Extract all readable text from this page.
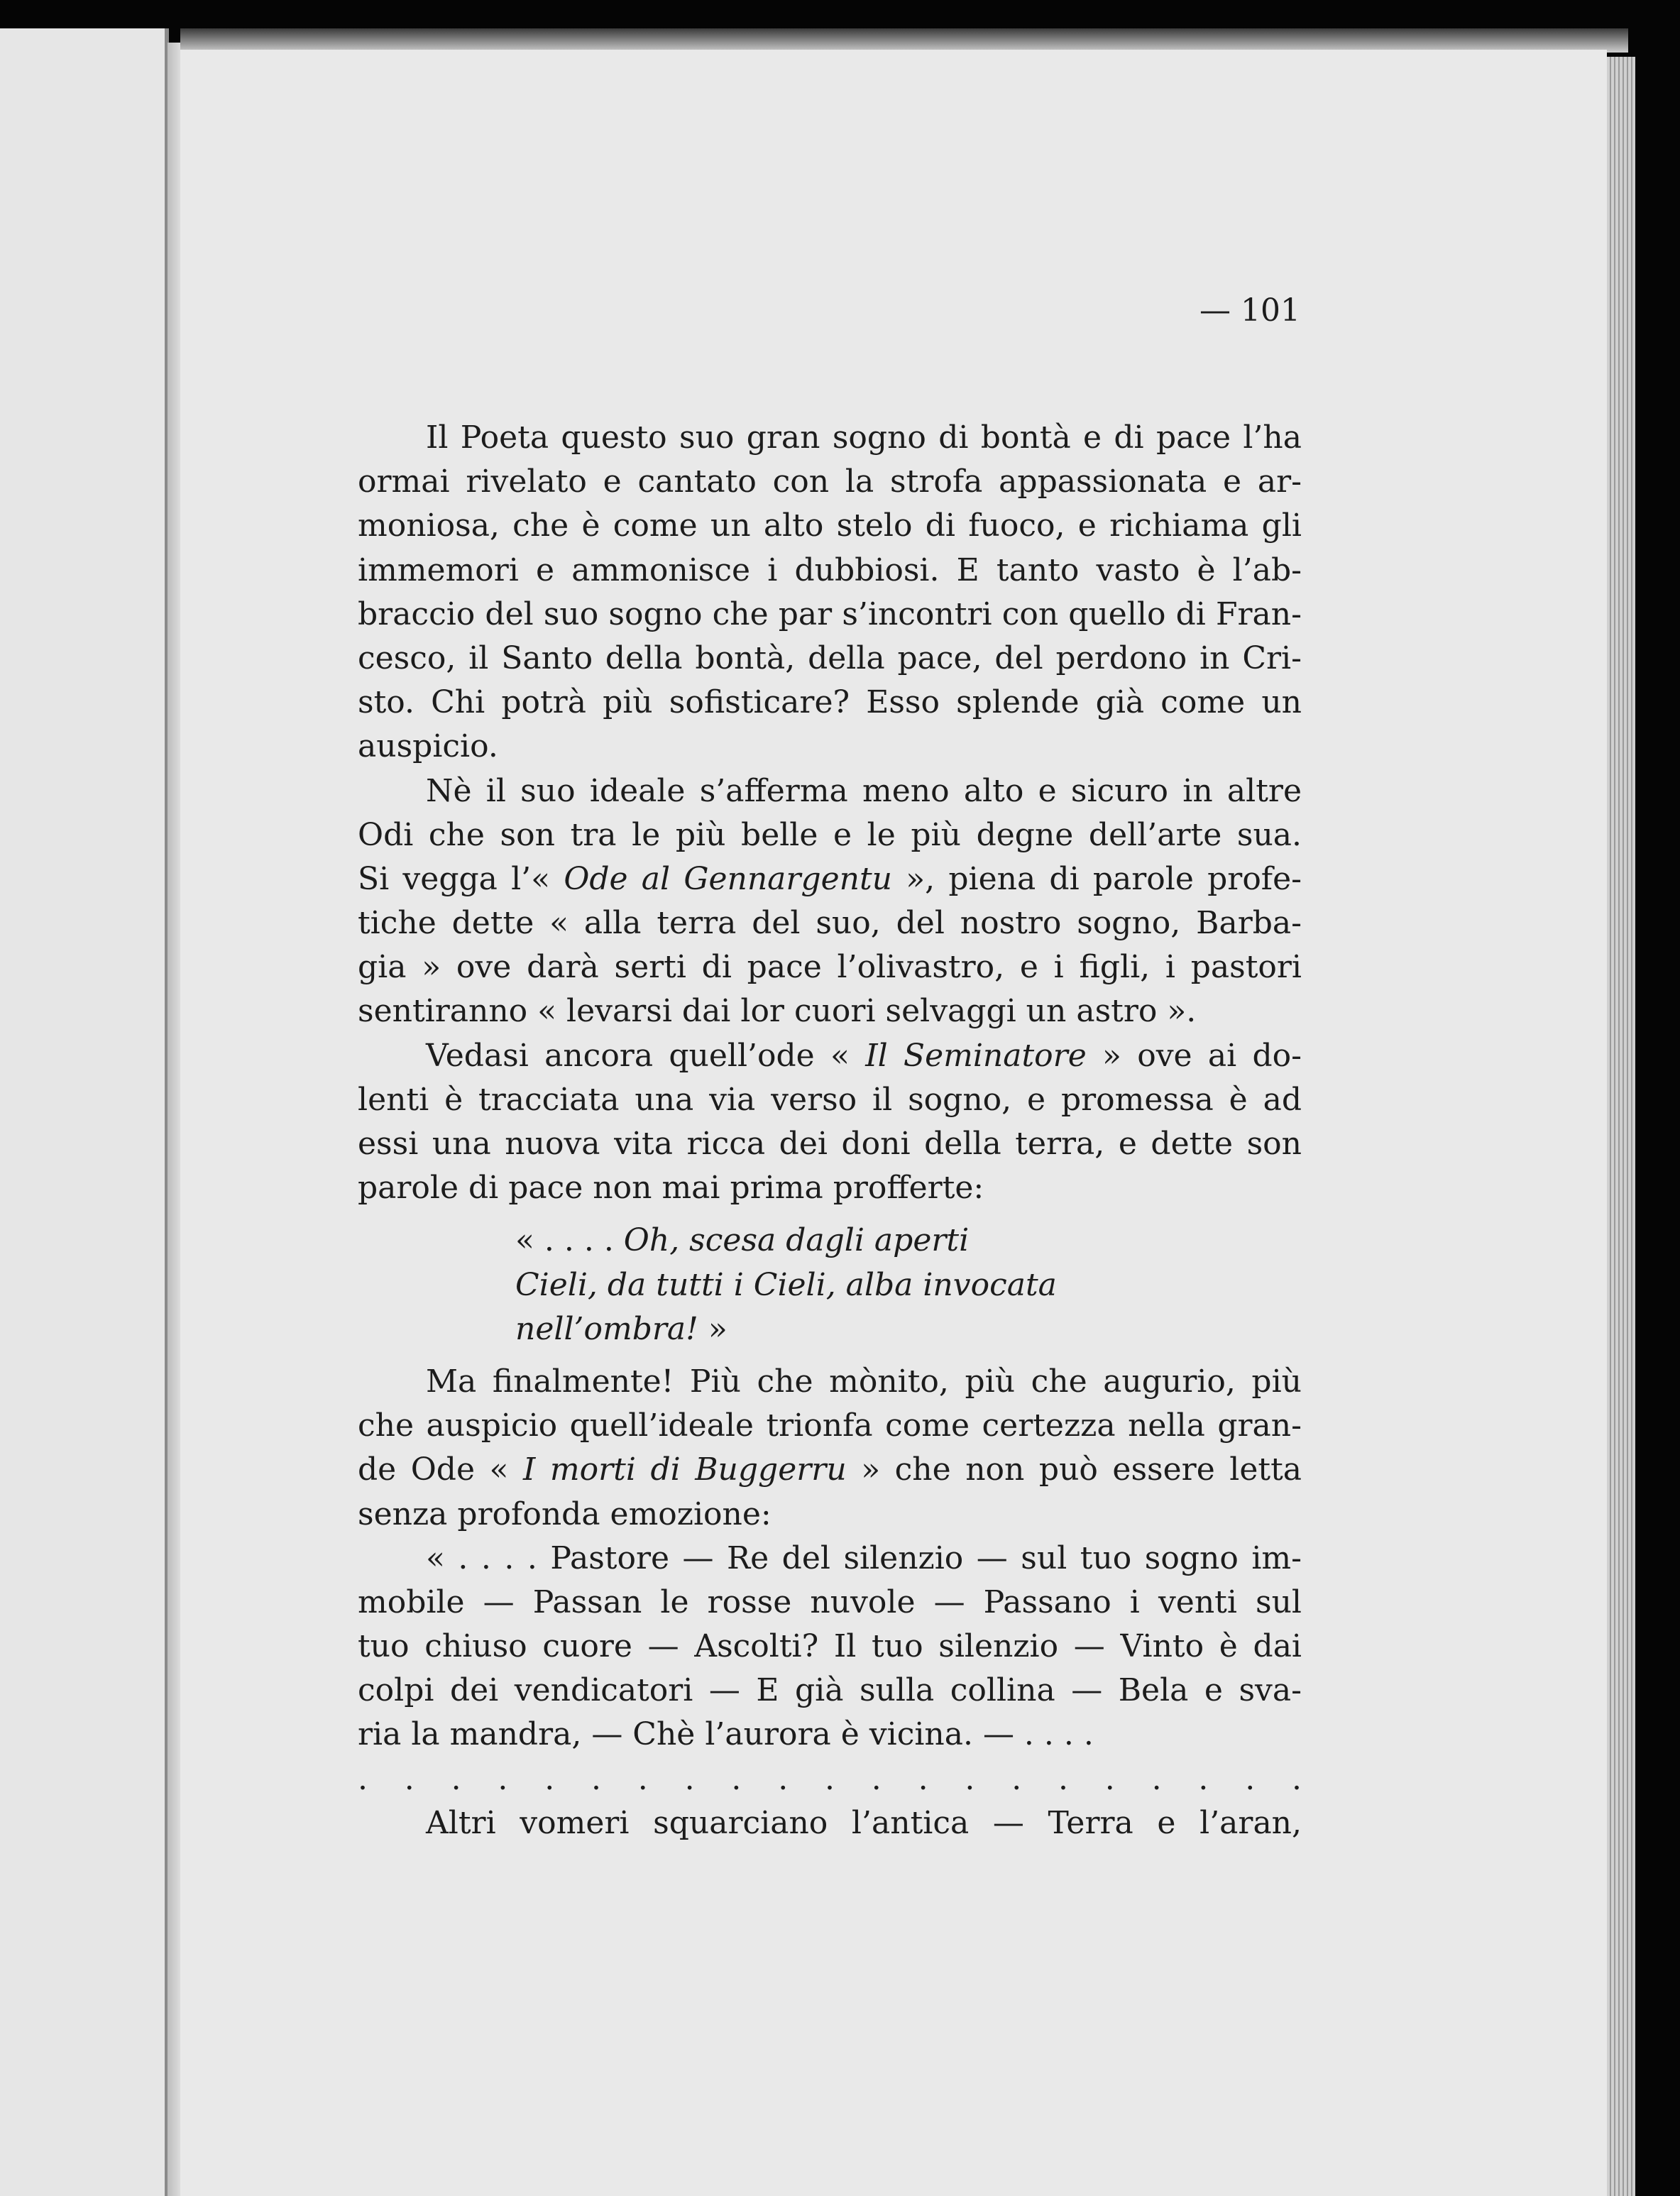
— 101
Il Poeta questo suo gran sogno di bontà e di pace l’ha
ormai rivelato e cantato con la strofa appassionata e ar-
moniosa, che è come un alto stelo di fuoco, e richiama gli
immemori e ammonisce i dubbiosi. E tanto vasto è l’ab-
braccio del suo sogno che par s’incontri con quello di Fran-
cesco, il Santo della bontà, della pace, del perdono in Cri-
sto. Chi potrà più sofisticare? Esso splende già come un
auspicio.
Nè il suo ideale s’afferma meno alto e sicuro in altre
Odi che son tra le più belle e le più degne dell’arte sua.
Si vegga l’« Ode al Gennargentu », piena di parole profe-
tiche dette « alla terra del suo, del nostro sogno, Barba-
gia » ove darà serti di pace l’olivastro, e i figli, i pastori
sentiranno « levarsi dai lor cuori selvaggi un astro ».
Vedasi ancora quell’ode « Il Seminatore » ove ai do-
lenti è tracciata una via verso il sogno, e promessa è ad
essi una nuova vita ricca dei doni della terra, e dette son
parole di pace non mai prima profferte:
« . . . . Oh, scesa dagli aperti
Cieli, da tutti i Cieli, alba invocata
nell’ombra! »
Ma finalmente! Più che mònito, più che augurio, più
che auspicio quell’ideale trionfa come certezza nella gran-
de Ode « I morti di Buggerru » che non può essere letta
senza profonda emozione:
« . . . . Pastore — Re del silenzio — sul tuo sogno im-
mobile — Passan le rosse nuvole — Passano i venti sul
tuo chiuso cuore — Ascolti? Il tuo silenzio — Vinto è dai
colpi dei vendicatori — E già sulla collina — Bela e sva-
ria la mandra, — Chè l’aurora è vicina. — . . . .
. . . . . . . . . . . . . . . . . . . . .
Altri vomeri squarciano l’antica — Terra e l’aran,
